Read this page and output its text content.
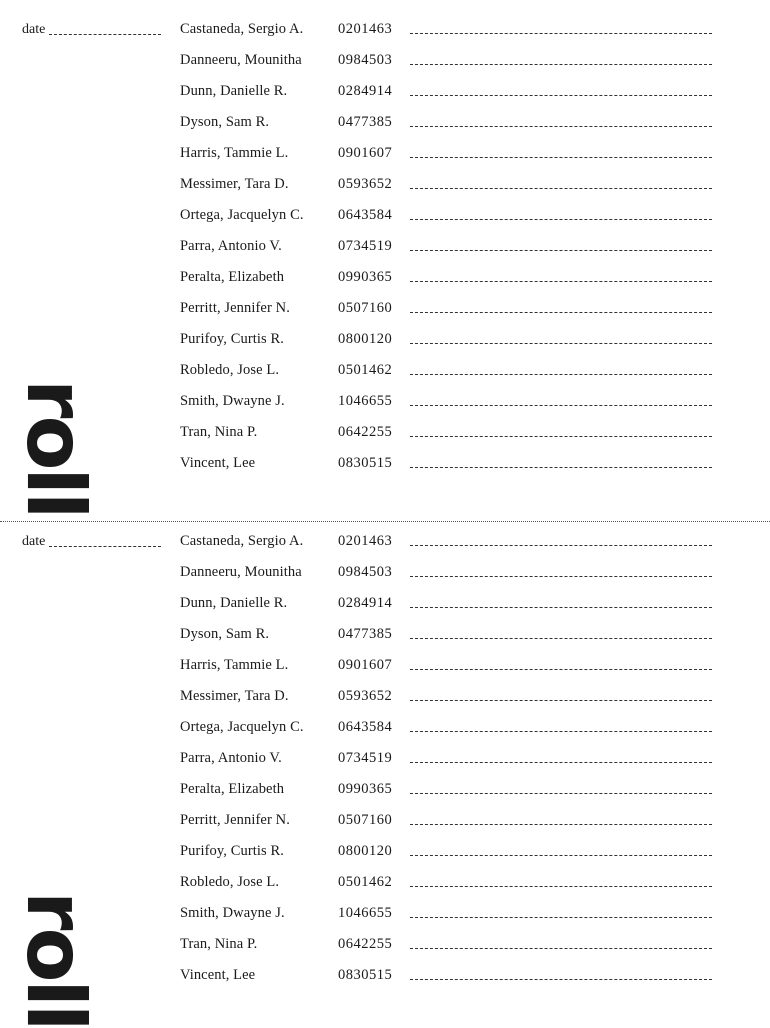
date	Castaneda, Sergio A.	0201463
Danneeru, Mounitha	0984503
Dunn, Danielle R.	0284914
Dyson, Sam R.	0477385
Harris, Tammie L.	0901607
Messimer, Tara D.	0593652
Ortega, Jacquelyn C.	0643584
Parra, Antonio V.	0734519
Peralta, Elizabeth	0990365
Perritt, Jennifer N.	0507160
Purifoy, Curtis R.	0800120
Robledo, Jose L.	0501462
Smith, Dwayne J.	1046655
Tran, Nina P.	0642255
Vincent, Lee	0830515
roll
date	Castaneda, Sergio A.	0201463
Danneeru, Mounitha	0984503
Dunn, Danielle R.	0284914
Dyson, Sam R.	0477385
Harris, Tammie L.	0901607
Messimer, Tara D.	0593652
Ortega, Jacquelyn C.	0643584
Parra, Antonio V.	0734519
Peralta, Elizabeth	0990365
Perritt, Jennifer N.	0507160
Purifoy, Curtis R.	0800120
Robledo, Jose L.	0501462
Smith, Dwayne J.	1046655
Tran, Nina P.	0642255
Vincent, Lee	0830515
roll
